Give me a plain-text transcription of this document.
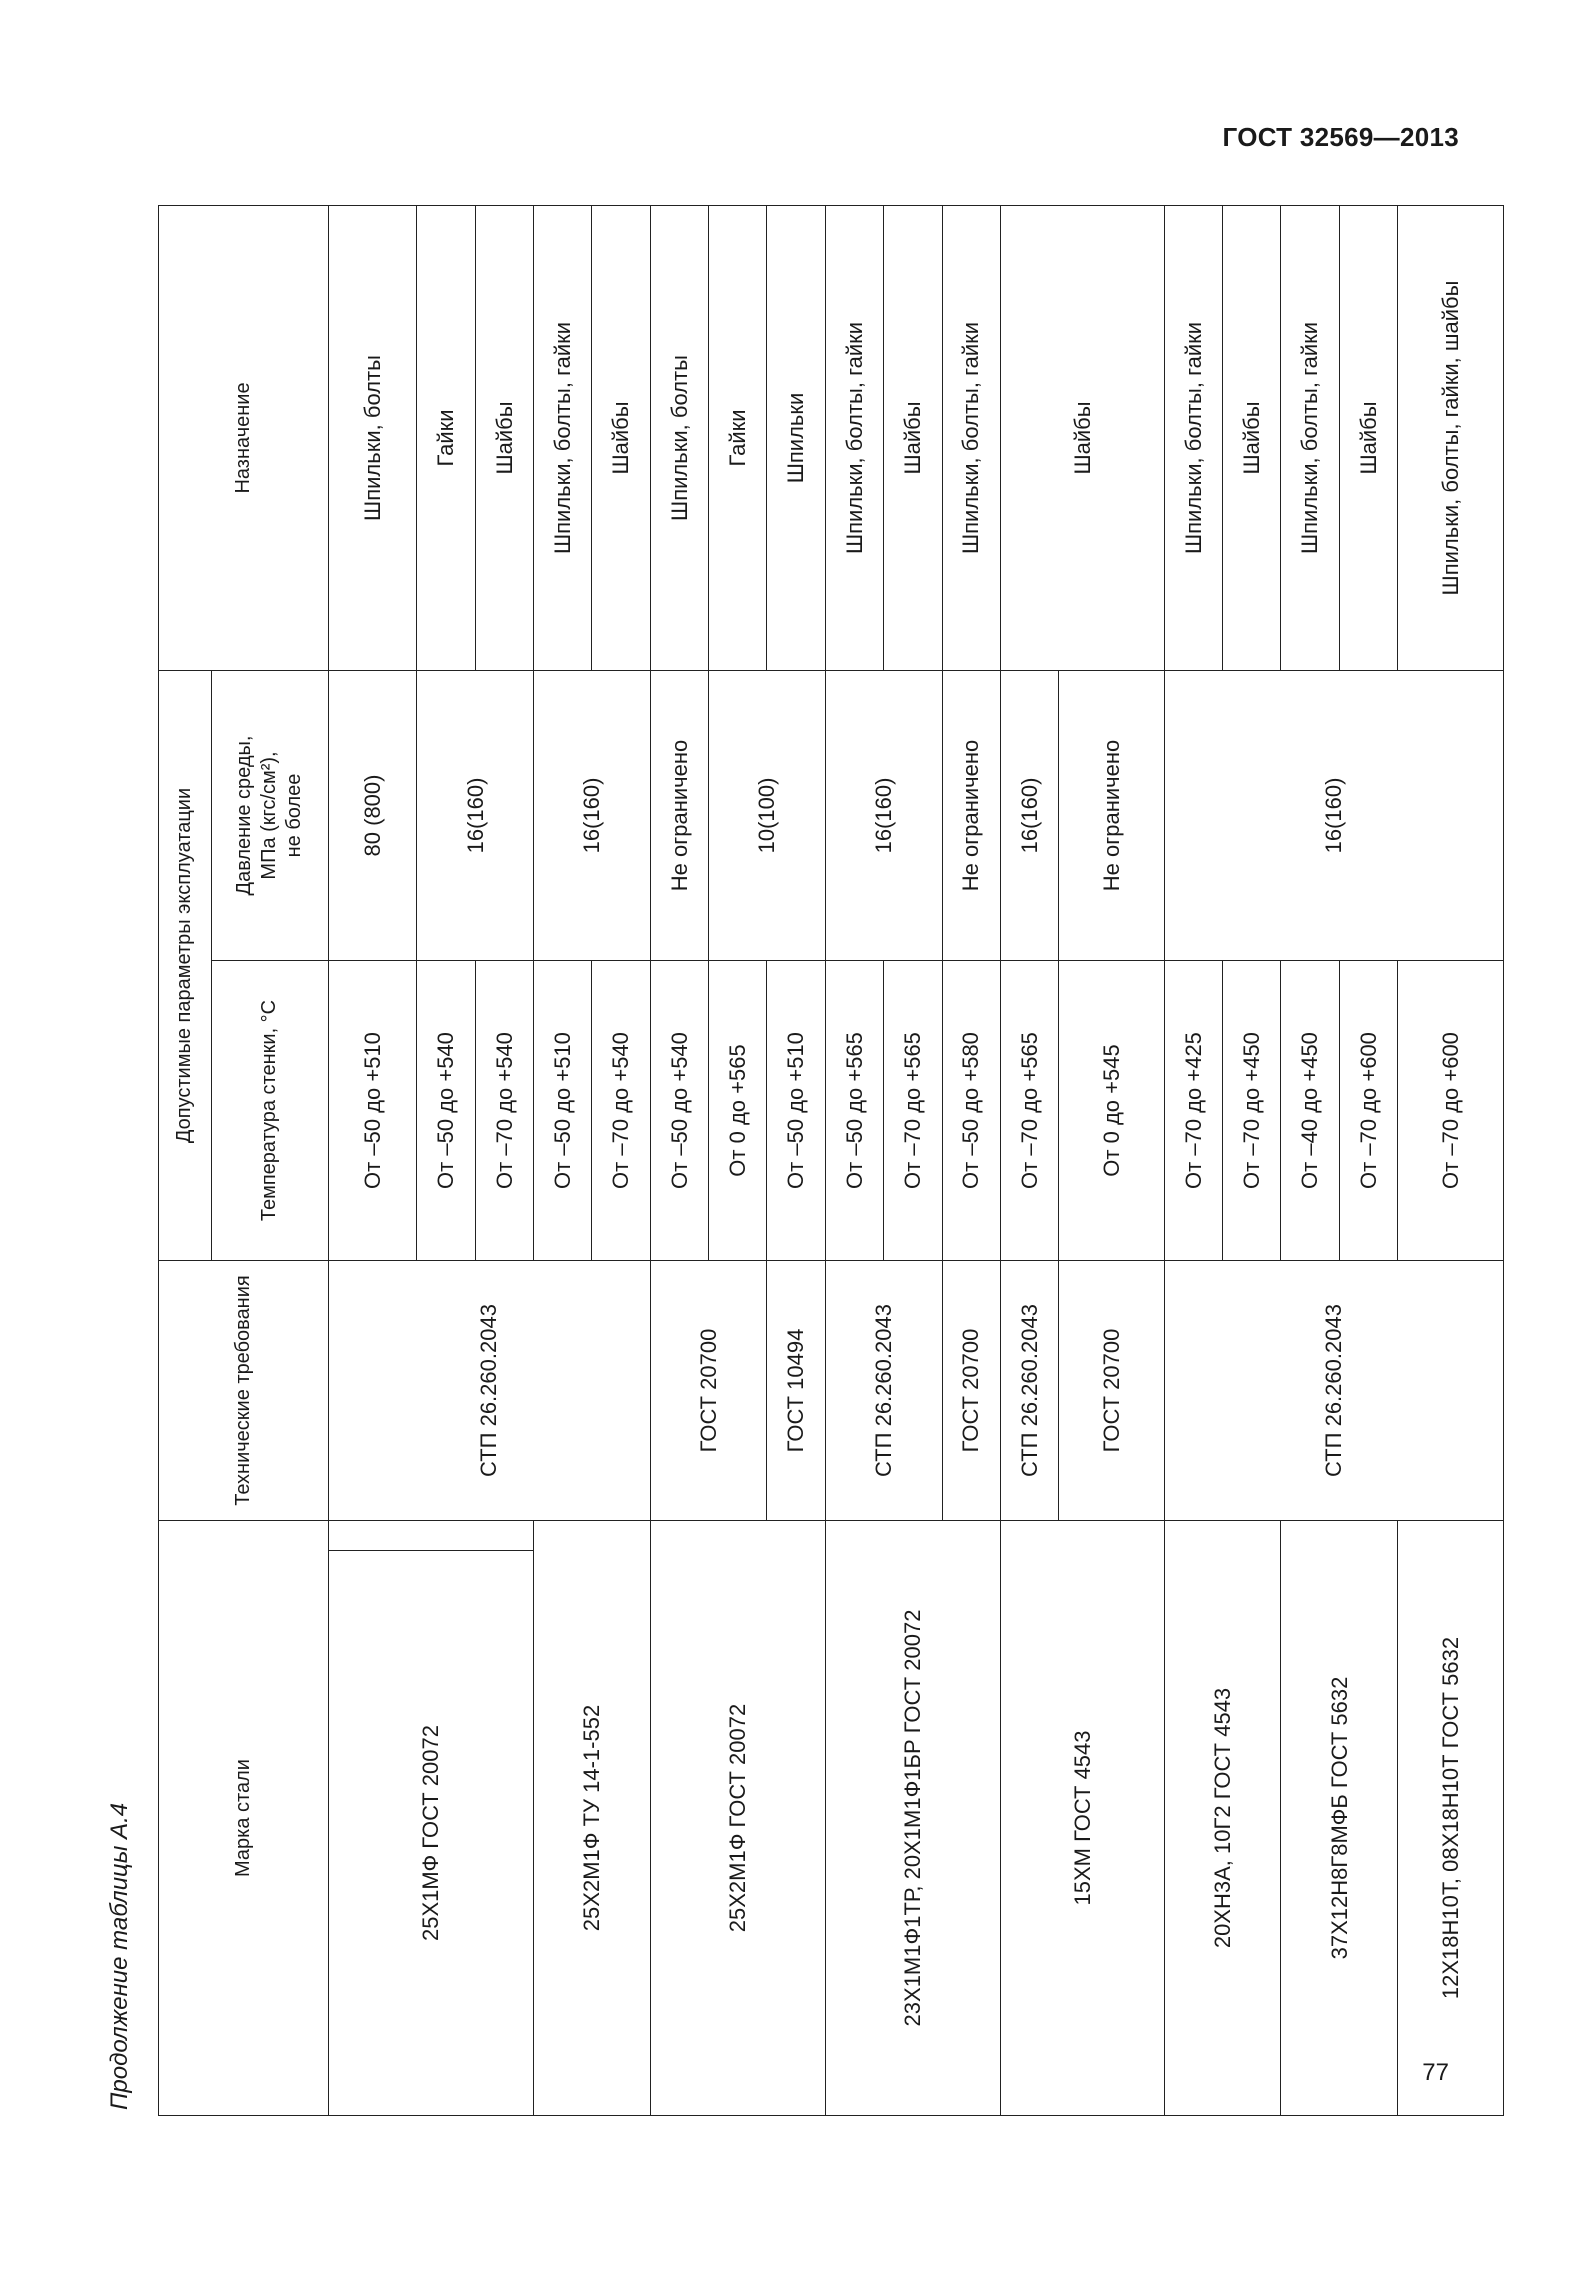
ГОСТ 32569—2013
Продолжение таблицы А.4	Марка стали		Технические требования	Допустимые параметры эксплуатации		Назначение
			Температура стенки, °С	Давление среды, МПа (кгс/см²), не более	
25Х1МФ ГОСТ 20072		СТП 26.260.2043	От –50 до +510	80 (800)	Шпильки, болты
			От –50 до +540	16(160)	Гайки
			От –70 до +540		Шайбы
25Х2М1Ф ТУ 14-1-552			От –50 до +510	16(160)	Шпильки, болты, гайки
			От –70 до +540		Шайбы
25Х2М1Ф ГОСТ 20072		ГОСТ 20700	От –50 до +540	Не ограничено	Шпильки, болты
			От 0 до +565	10(100)	Гайки
		ГОСТ 10494	От –50 до +510		Шпильки
23Х1М1Ф1ТР, 20Х1М1Ф1БР ГОСТ 20072		СТП 26.260.2043	От –50 до +565	16(160)	Шпильки, болты, гайки
			От –70 до +565		Шайбы
		ГОСТ 20700	От –50 до +580	Не ограничено	Шпильки, болты, гайки
15ХМ ГОСТ 4543		СТП 26.260.2043	От –70 до +565	16(160)	Шайбы
		ГОСТ 20700	От 0 до +545	Не ограничено	
20ХН3А, 10Г2 ГОСТ 4543		СТП 26.260.2043	От –70 до +425	16(160)	Шпильки, болты, гайки
			От –70 до +450		Шайбы
37Х12Н8Г8МФБ ГОСТ 5632			От –40 до +450		Шпильки, болты, гайки
			От –70 до +600		Шайбы
12Х18Н10Т, 08Х18Н10Т ГОСТ 5632			От –70 до +600		Шпильки, болты, гайки, шайбы
77
